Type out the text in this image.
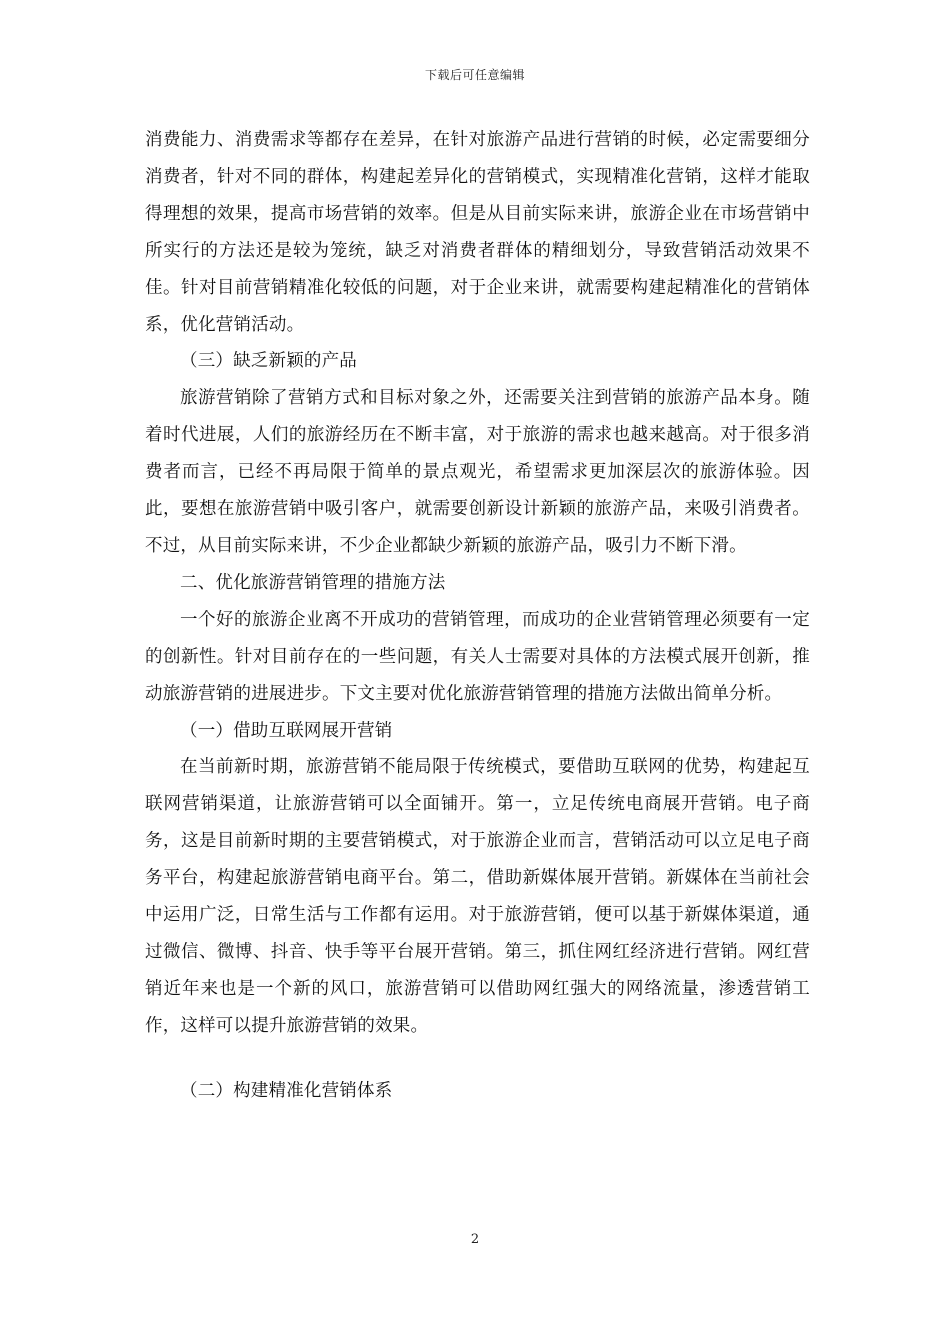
下载后可任意编辑

消费能力、消费需求等都存在差异，在针对旅游产品进行营销的时候，必定需要细分消费者，针对不同的群体，构建起差异化的营销模式，实现精准化营销，这样才能取得理想的效果，提高市场营销的效率。但是从目前实际来讲，旅游企业在市场营销中所实行的方法还是较为笼统，缺乏对消费者群体的精细划分，导致营销活动效果不佳。针对目前营销精准化较低的问题，对于企业来讲，就需要构建起精准化的营销体系，优化营销活动。

（三）缺乏新颖的产品

旅游营销除了营销方式和目标对象之外，还需要关注到营销的旅游产品本身。随着时代进展，人们的旅游经历在不断丰富，对于旅游的需求也越来越高。对于很多消费者而言，已经不再局限于简单的景点观光，希望需求更加深层次的旅游体验。因此，要想在旅游营销中吸引客户，就需要创新设计新颖的旅游产品，来吸引消费者。不过，从目前实际来讲，不少企业都缺少新颖的旅游产品，吸引力不断下滑。

二、优化旅游营销管理的措施方法

一个好的旅游企业离不开成功的营销管理，而成功的企业营销管理必须要有一定的创新性。针对目前存在的一些问题，有关人士需要对具体的方法模式展开创新，推动旅游营销的进展进步。下文主要对优化旅游营销管理的措施方法做出简单分析。

（一）借助互联网展开营销

在当前新时期，旅游营销不能局限于传统模式，要借助互联网的优势，构建起互联网营销渠道，让旅游营销可以全面铺开。第一，立足传统电商展开营销。电子商务，这是目前新时期的主要营销模式，对于旅游企业而言，营销活动可以立足电子商务平台，构建起旅游营销电商平台。第二，借助新媒体展开营销。新媒体在当前社会中运用广泛，日常生活与工作都有运用。对于旅游营销，便可以基于新媒体渠道，通过微信、微博、抖音、快手等平台展开营销。第三，抓住网红经济进行营销。网红营销近年来也是一个新的风口，旅游营销可以借助网红强大的网络流量，渗透营销工作，这样可以提升旅游营销的效果。

（二）构建精准化营销体系

2
